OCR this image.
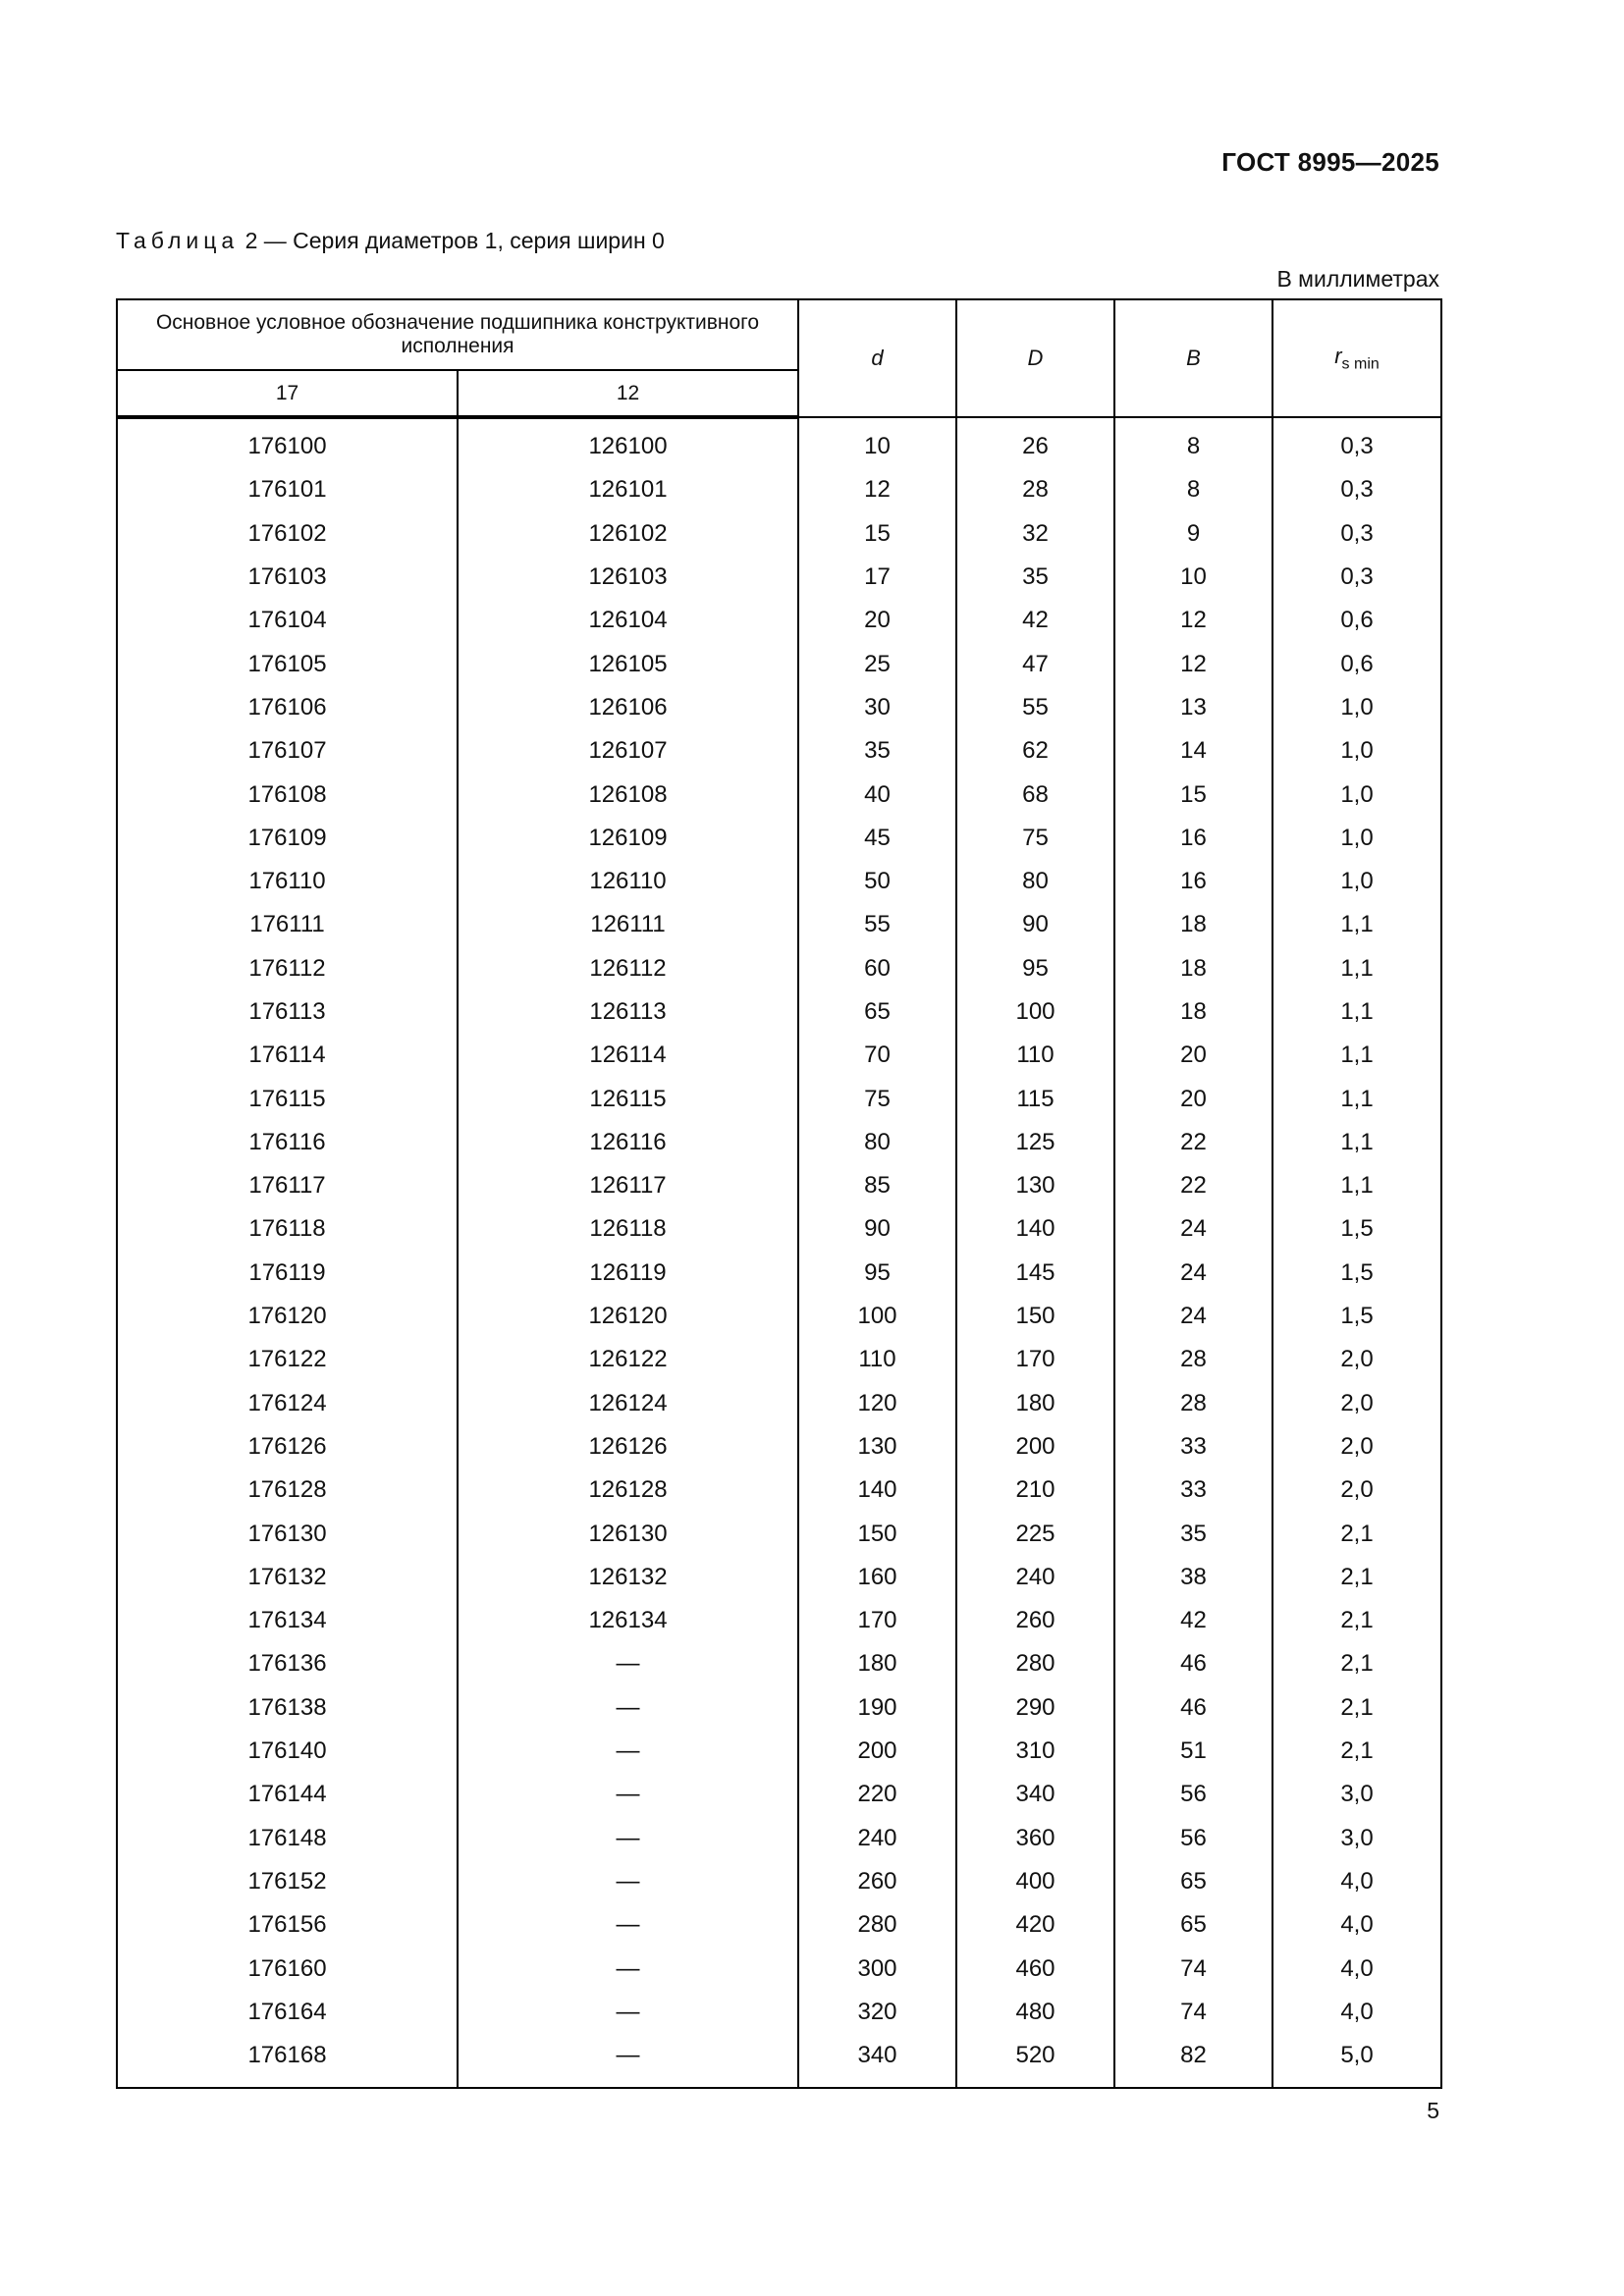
ГОСТ 8995—2025
Таблица 2 — Серия диаметров 1, серия ширин 0
В миллиметрах
Основное условное обозначение подшипника конструктивного исполнения		d	D	B	$r_{s min}$
17	12				
176100	126100	10	26	8	0,3
176101	126101	12	28	8	0,3
176102	126102	15	32	9	0,3
176103	126103	17	35	10	0,3
176104	126104	20	42	12	0,6
176105	126105	25	47	12	0,6
176106	126106	30	55	13	1,0
176107	126107	35	62	14	1,0
176108	126108	40	68	15	1,0
176109	126109	45	75	16	1,0
176110	126110	50	80	16	1,0
176111	126111	55	90	18	1,1
176112	126112	60	95	18	1,1
176113	126113	65	100	18	1,1
176114	126114	70	110	20	1,1
176115	126115	75	115	20	1,1
176116	126116	80	125	22	1,1
176117	126117	85	130	22	1,1
176118	126118	90	140	24	1,5
176119	126119	95	145	24	1,5
176120	126120	100	150	24	1,5
176122	126122	110	170	28	2,0
176124	126124	120	180	28	2,0
176126	126126	130	200	33	2,0
176128	126128	140	210	33	2,0
176130	126130	150	225	35	2,1
176132	126132	160	240	38	2,1
176134	126134	170	260	42	2,1
176136	—	180	280	46	2,1
176138	—	190	290	46	2,1
176140	—	200	310	51	2,1
176144	—	220	340	56	3,0
176148	—	240	360	56	3,0
176152	—	260	400	65	4,0
176156	—	280	420	65	4,0
176160	—	300	460	74	4,0
176164	—	320	480	74	4,0
176168	—	340	520	82	5,0
5
